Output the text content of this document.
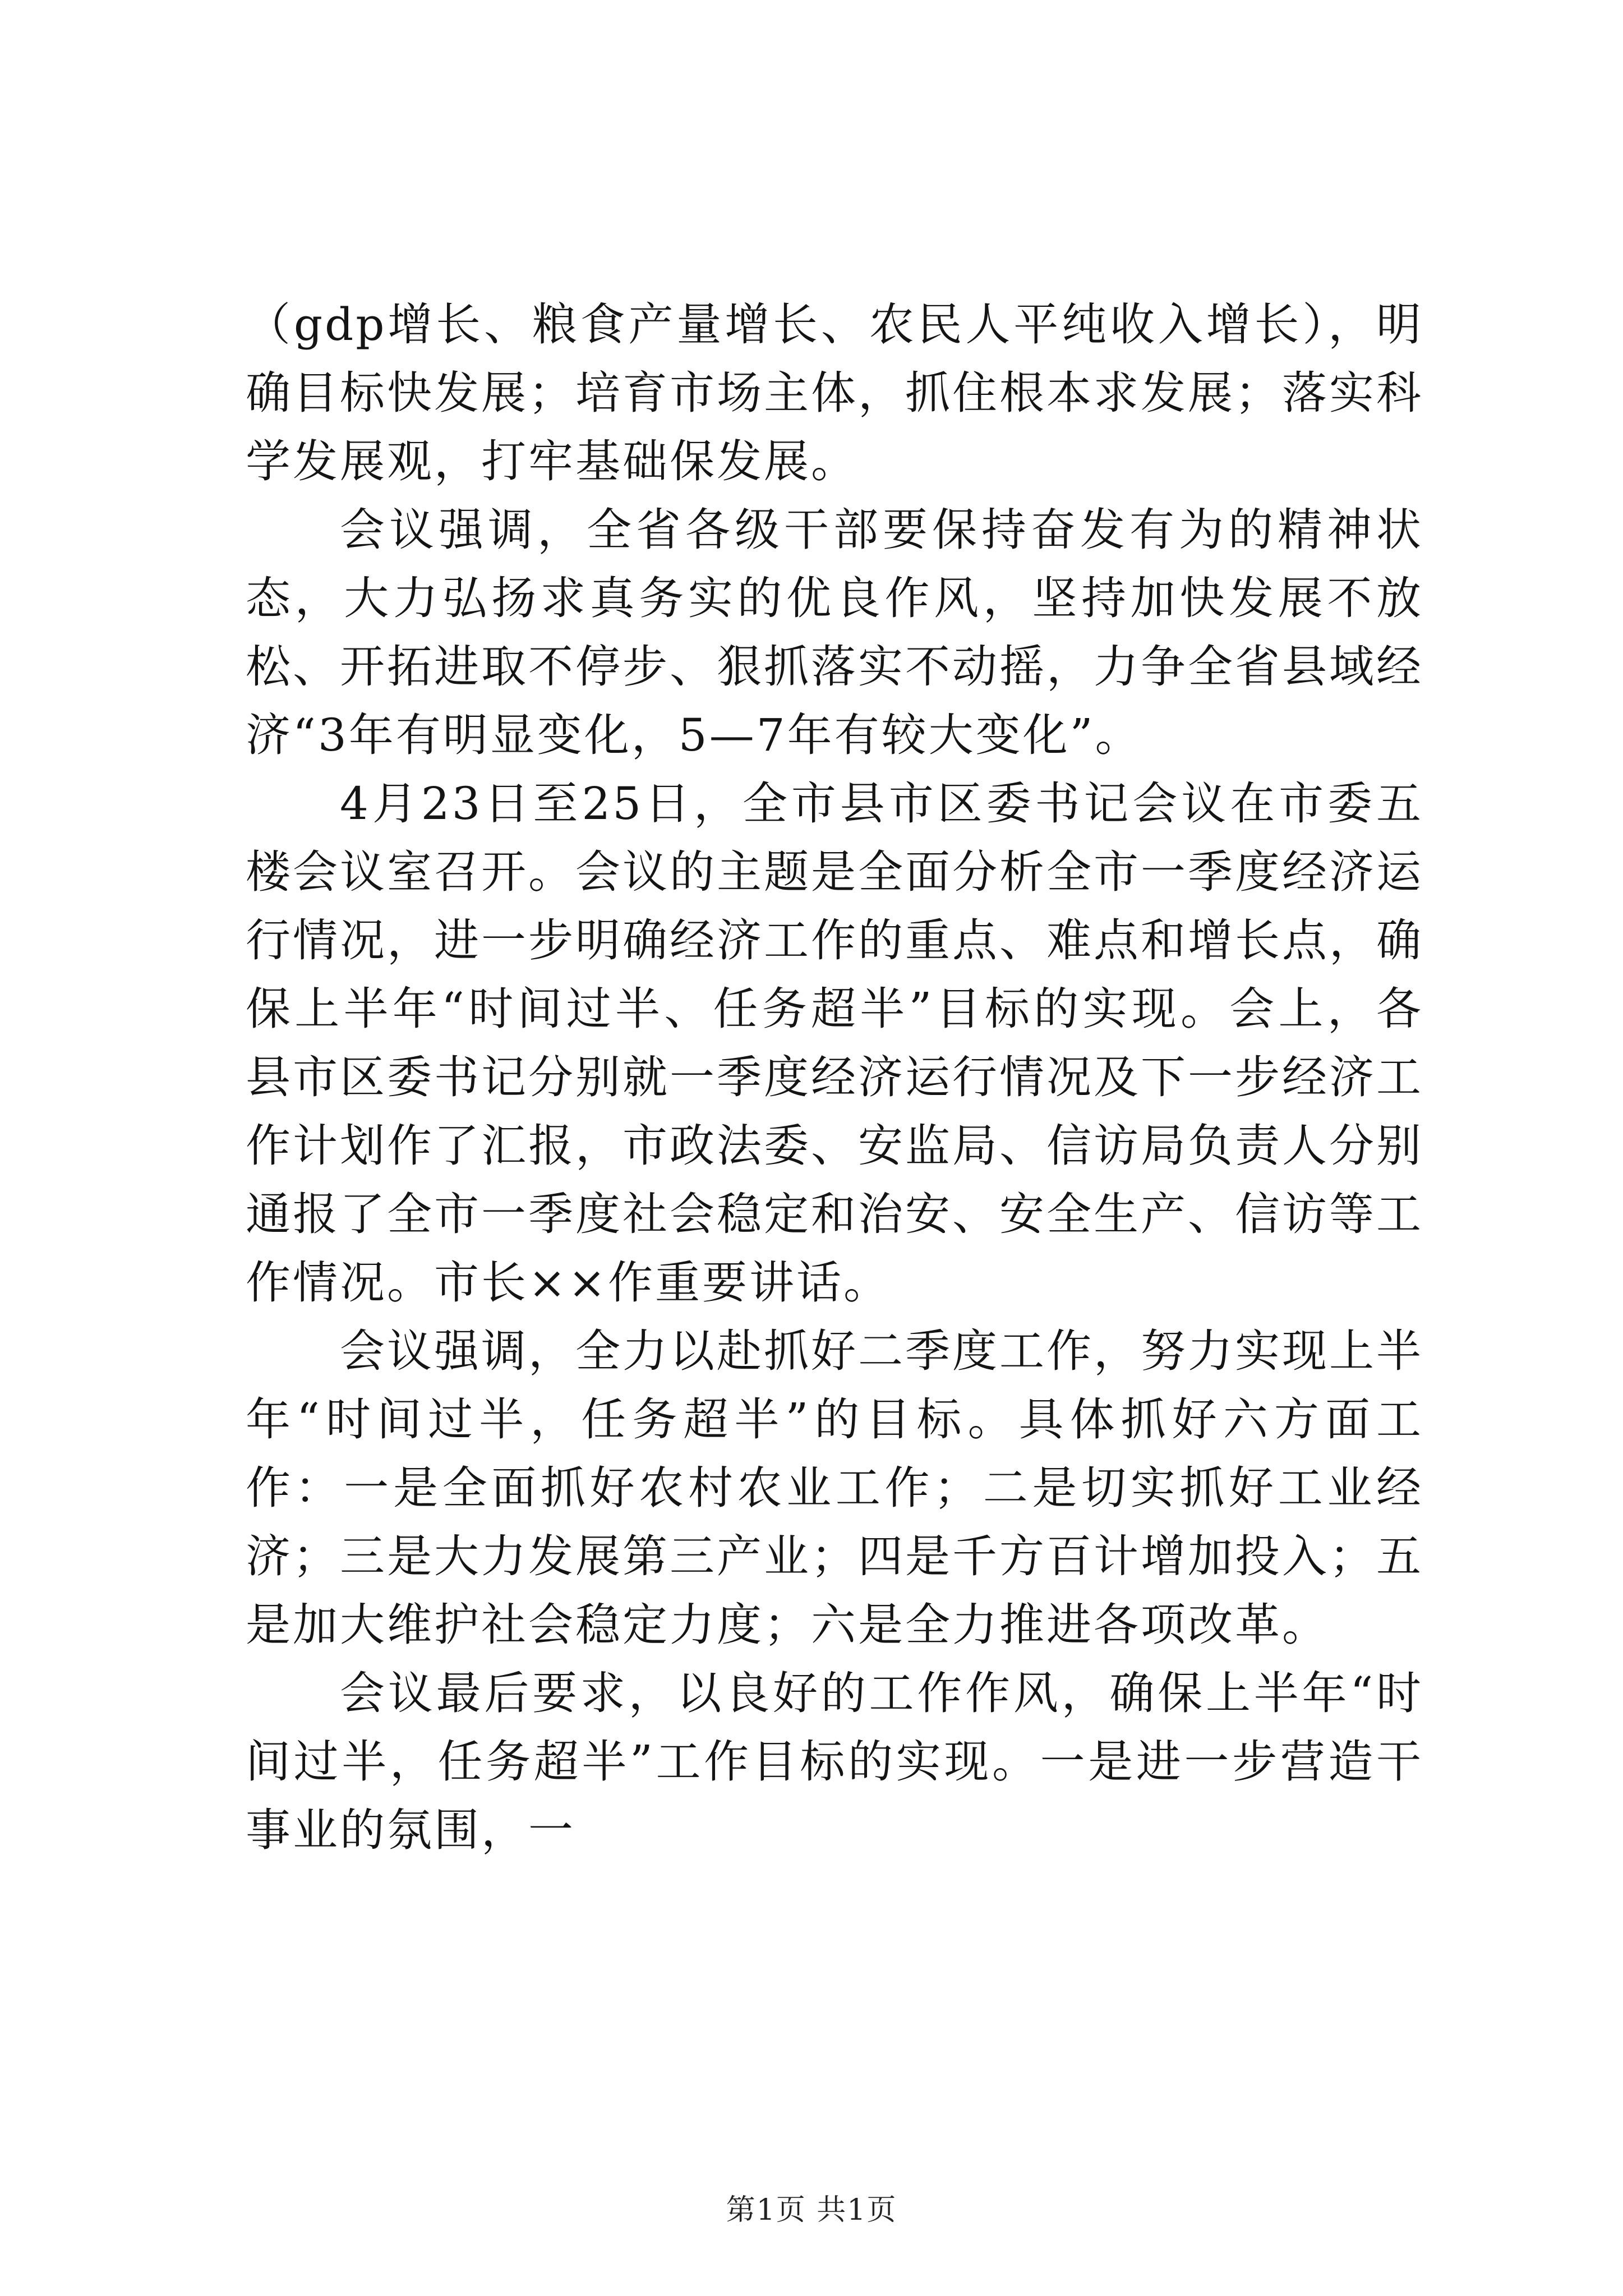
（gdp增长、粮食产量增长、农民人平纯收入增长），明确目标快发展；培育市场主体，抓住根本求发展；落实科学发展观，打牢基础保发展。

会议强调，全省各级干部要保持奋发有为的精神状态，大力弘扬求真务实的优良作风，坚持加快发展不放松、开拓进取不停步、狠抓落实不动摇，力争全省县域经济“3年有明显变化，5—7年有较大变化”。

4月23日至25日，全市县市区委书记会议在市委五楼会议室召开。会议的主题是全面分析全市一季度经济运行情况，进一步明确经济工作的重点、难点和增长点，确保上半年“时间过半、任务超半”目标的实现。会上，各县市区委书记分别就一季度经济运行情况及下一步经济工作计划作了汇报，市政法委、安监局、信访局负责人分别通报了全市一季度社会稳定和治安、安全生产、信访等工作情况。市长××作重要讲话。

会议强调，全力以赴抓好二季度工作，努力实现上半年“时间过半，任务超半”的目标。具体抓好六方面工作：一是全面抓好农村农业工作；二是切实抓好工业经济；三是大力发展第三产业；四是千方百计增加投入；五是加大维护社会稳定力度；六是全力推进各项改革。

会议最后要求，以良好的工作作风，确保上半年“时间过半，任务超半”工作目标的实现。一是进一步营造干事业的氛围，一

第1页 共1页
